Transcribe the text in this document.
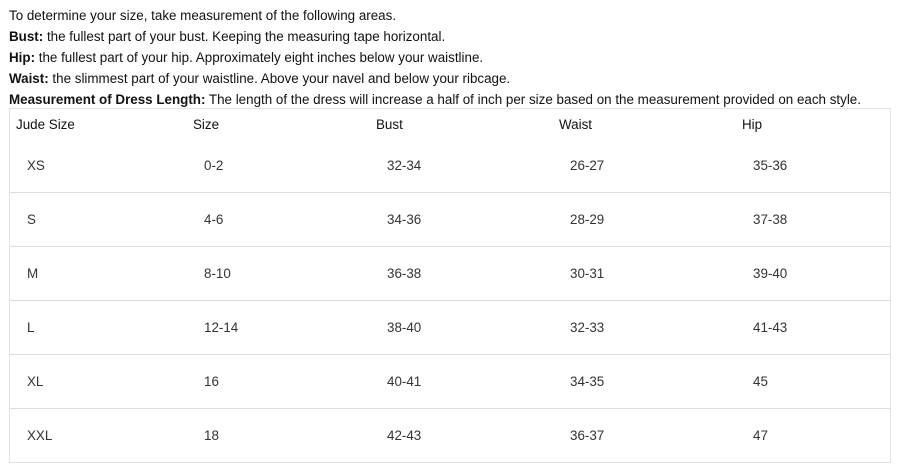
To determine your size, take measurement of the following areas.

Bust: the fullest part of your bust. Keeping the measuring tape horizontal.

Hip: the fullest part of your hip. Approximately eight inches below your waistline.

Waist: the slimmest part of your waistline. Above your navel and below your ribcage.

Measurement of Dress Length: The length of the dress will increase a half of inch per size based on the measurement provided on each style.

Jude Size	Size	Bust	Waist	Hip
XS	0-2	32-34	26-27	35-36
S	4-6	34-36	28-29	37-38
M	8-10	36-38	30-31	39-40
L	12-14	38-40	32-33	41-43
XL	16	40-41	34-35	45
XXL	18	42-43	36-37	47
